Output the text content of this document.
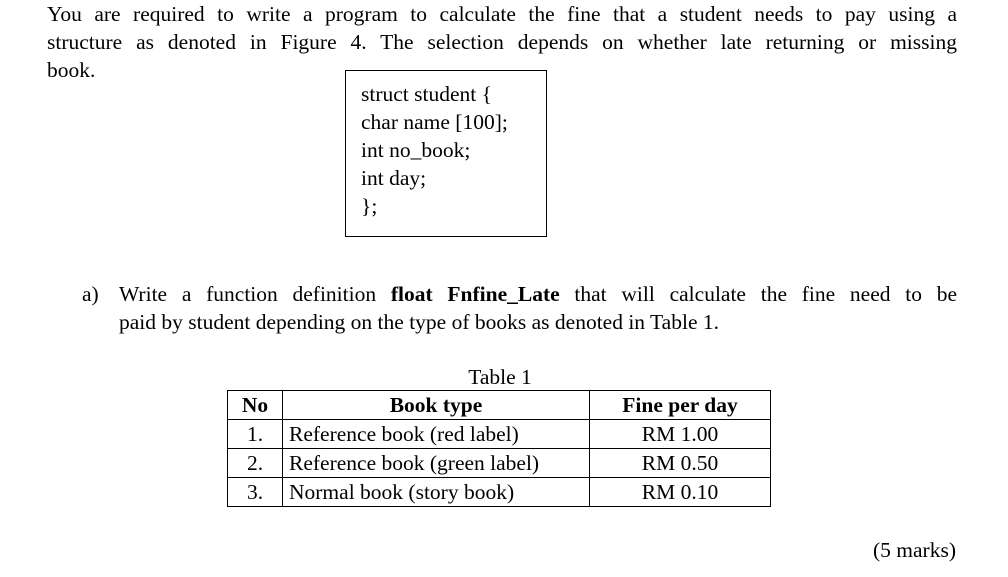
You are required to write a program to calculate the fine that a student needs to pay using a
structure as denoted in Figure 4. The selection depends on whether late returning or missing
book.
struct student {
char name [100];
int no_book;
int day;
};
a) Write a function definition float Fnfine_Late that will calculate the fine need to be
paid by student depending on the type of books as denoted in Table 1.
Table 1
No	Book type	Fine per day
1.	Reference book (red label)	RM 1.00
2.	Reference book (green label)	RM 0.50
3.	Normal book (story book)	RM 0.10
(5 marks)
